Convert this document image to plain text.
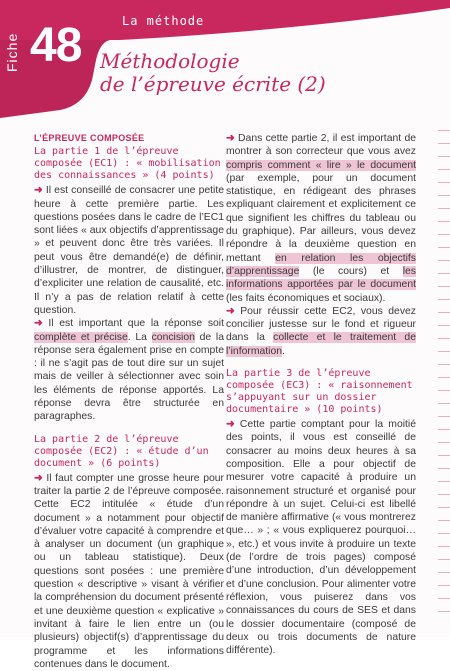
Fiche 48	La méthode
Méthodologie
de l’épreuve écrite (2)
L’ÉPREUVE COMPOSÉE
La partie 1 de l’épreuve composée (EC1) : « mobilisation des connaissances » (4 points)

➜ Il est conseillé de consacrer une petite heure à cette première partie. Les questions posées dans le cadre de l’EC1 sont liées « aux objectifs d’apprentissage » et peuvent donc être très variées. Il peut vous être demandé(e) de définir, d’illustrer, de montrer, de distinguer, d’expliciter une relation de causalité, etc. Il n’y a pas de relation relatif à cette question.

➜ Il est important que la réponse soit complète et précise. La concision de la réponse sera également prise en compte : il ne s’agit pas de tout dire sur un sujet mais de veiller à sélectionner avec soin les éléments de réponse apportés. La réponse devra être structurée en paragraphes.

La partie 2 de l’épreuve composée (EC2) : « étude d’un document » (6 points)

➜ Il faut compter une grosse heure pour traiter la partie 2 de l’épreuve composée. Cette EC2 intitulée « étude d’un document » a notamment pour objectif d’évaluer votre capacité à comprendre et à analyser un document (un graphique ou un tableau statistique). Deux questions sont posées : une première question « descriptive » visant à vérifier la compréhension du document présenté et une deuxième question « explicative » invitant à faire le lien entre un (ou plusieurs) objectif(s) d’apprentissage du programme et les informations contenues dans le document.

➜ Dans cette partie 2, il est important de montrer à son correcteur que vous avez compris comment « lire » le document (par exemple, pour un document statistique, en rédigeant des phrases expliquant clairement et explicitement ce que signifient les chiffres du tableau ou du graphique). Par ailleurs, vous devez répondre à la deuxième question en mettant en relation les objectifs d’apprentissage (le cours) et les informations apportées par le document (les faits économiques et sociaux).

➜ Pour réussir cette EC2, vous devez concilier justesse sur le fond et rigueur dans la collecte et le traitement de l’information.

La partie 3 de l’épreuve composée (EC3) : « raisonnement s’appuyant sur un dossier documentaire » (10 points)

➜ Cette partie comptant pour la moitié des points, il vous est conseillé de consacrer au moins deux heures à sa composition. Elle a pour objectif de mesurer votre capacité à produire un raisonnement structuré et organisé pour répondre à un sujet. Celui-ci est libellé de manière affirmative (« vous montrerez que… » ; « vous expliquerez pourquoi… », etc.) et vous invite à produire un texte (de l’ordre de trois pages) composé d’une introduction, d’un développement et d’une conclusion. Pour alimenter votre réflexion, vous puiserez dans vos connaissances du cours de SES et dans le dossier documentaire (composé de deux ou trois documents de nature différente).
